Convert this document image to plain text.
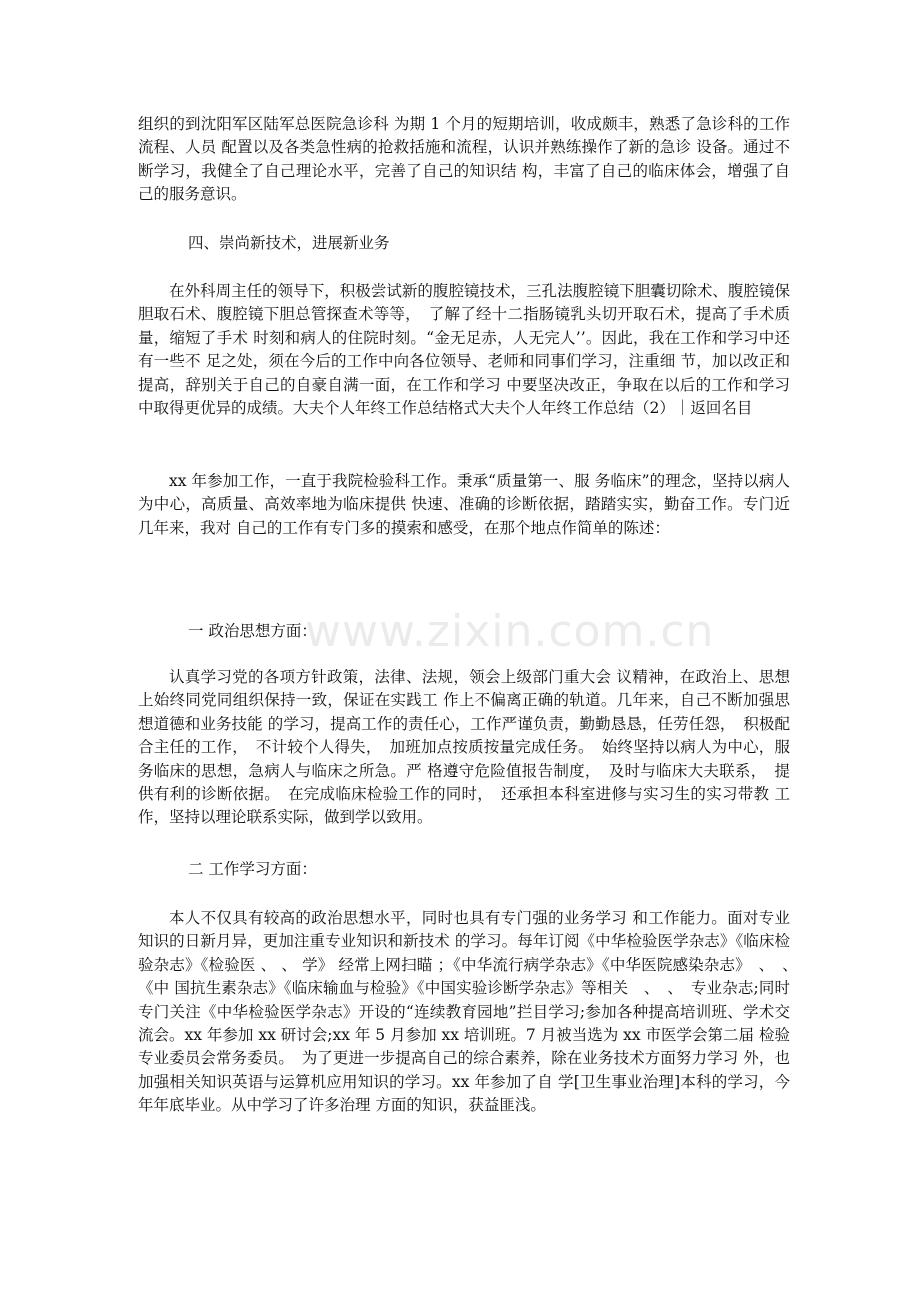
组织的到沈阳军区陆军总医院急诊科 为期 1 个月的短期培训，收成颇丰，熟悉了急诊科的工作流程、人员 配置以及各类急性病的抢救括施和流程，认识并熟练操作了新的急诊 设备。通过不断学习，我健全了自己理论水平，完善了自己的知识结 构，丰富了自己的临床体会，增强了自己的服务意识。
四、崇尚新技术，进展新业务
在外科周主任的领导下，积极尝试新的腹腔镜技术，三孔法腹腔镜下胆囊切除术、腹腔镜保胆取石术、腹腔镜下胆总管探查术等等，　了解了经十二指肠镜乳头切开取石术，提高了手术质量，缩短了手术 时刻和病人的住院时刻。“金无足赤，人无完人’’。因此，我在工作和学习中还有一些不 足之处，须在今后的工作中向各位领导、老师和同事们学习，注重细 节，加以改正和提高，辞别关于自己的自豪自满一面，在工作和学习 中要坚决改正，争取在以后的工作和学习中取得更优异的成绩。大夫个人年终工作总结格式大夫个人年终工作总结（2）｜返回名目
xx 年参加工作，一直于我院检验科工作。秉承“质量第一、服 务临床”的理念，坚持以病人为中心，高质量、高效率地为临床提供 快速、准确的诊断依据，踏踏实实，勤奋工作。专门近几年来，我对 自己的工作有专门多的摸索和感受，在那个地点作简单的陈述：
一 政治思想方面：
认真学习党的各项方针政策，法律、法规，领会上级部门重大会 议精神，在政治上、思想上始终同党同组织保持一致，保证在实践工 作上不偏离正确的轨道。几年来，自己不断加强思想道德和业务技能 的学习，提高工作的责任心，工作严谨负责，勤勤恳恳，任劳任怨，　积极配合主任的工作，　不计较个人得失，　加班加点按质按量完成任务。　始终坚持以病人为中心，服务临床的思想，急病人与临床之所急。严 格遵守危险值报告制度，　及时与临床大夫联系，　提供有利的诊断依据。　在完成临床检验工作的同时，　还承担本科室进修与实习生的实习带教 工作，坚持以理论联系实际，做到学以致用。
二 工作学习方面：
本人不仅具有较高的政治思想水平，同时也具有专门强的业务学习 和工作能力。面对专业知识的日新月异，更加注重专业知识和新技术 的学习。每年订阅《中华检验医学杂志》《临床检验杂志》《检验医 、 、 学》 经常上网扫瞄 ；《中华流行病学杂志》《中华医院感染杂志》　、　、　《中 国抗生素杂志》《临床输血与检验》《中国实验诊断学杂志》等相关　、　、　专业杂志;同时专门关注《中华检验医学杂志》开设的“连续教育园地”拦目学习;参加各种提高培训班、学术交流会。xx 年参加 xx 研讨会;xx 年 5 月参加 xx 培训班。7 月被当选为 xx 市医学会第二届 检验专业委员会常务委员。　为了更进一步提高自己的综合素养，除在业务技术方面努力学习 外，也加强相关知识英语与运算机应用知识的学习。xx 年参加了自 学[卫生事业治理]本科的学习，今年年底毕业。从中学习了许多治理 方面的知识，获益匪浅。
www.zixin.com.cn
